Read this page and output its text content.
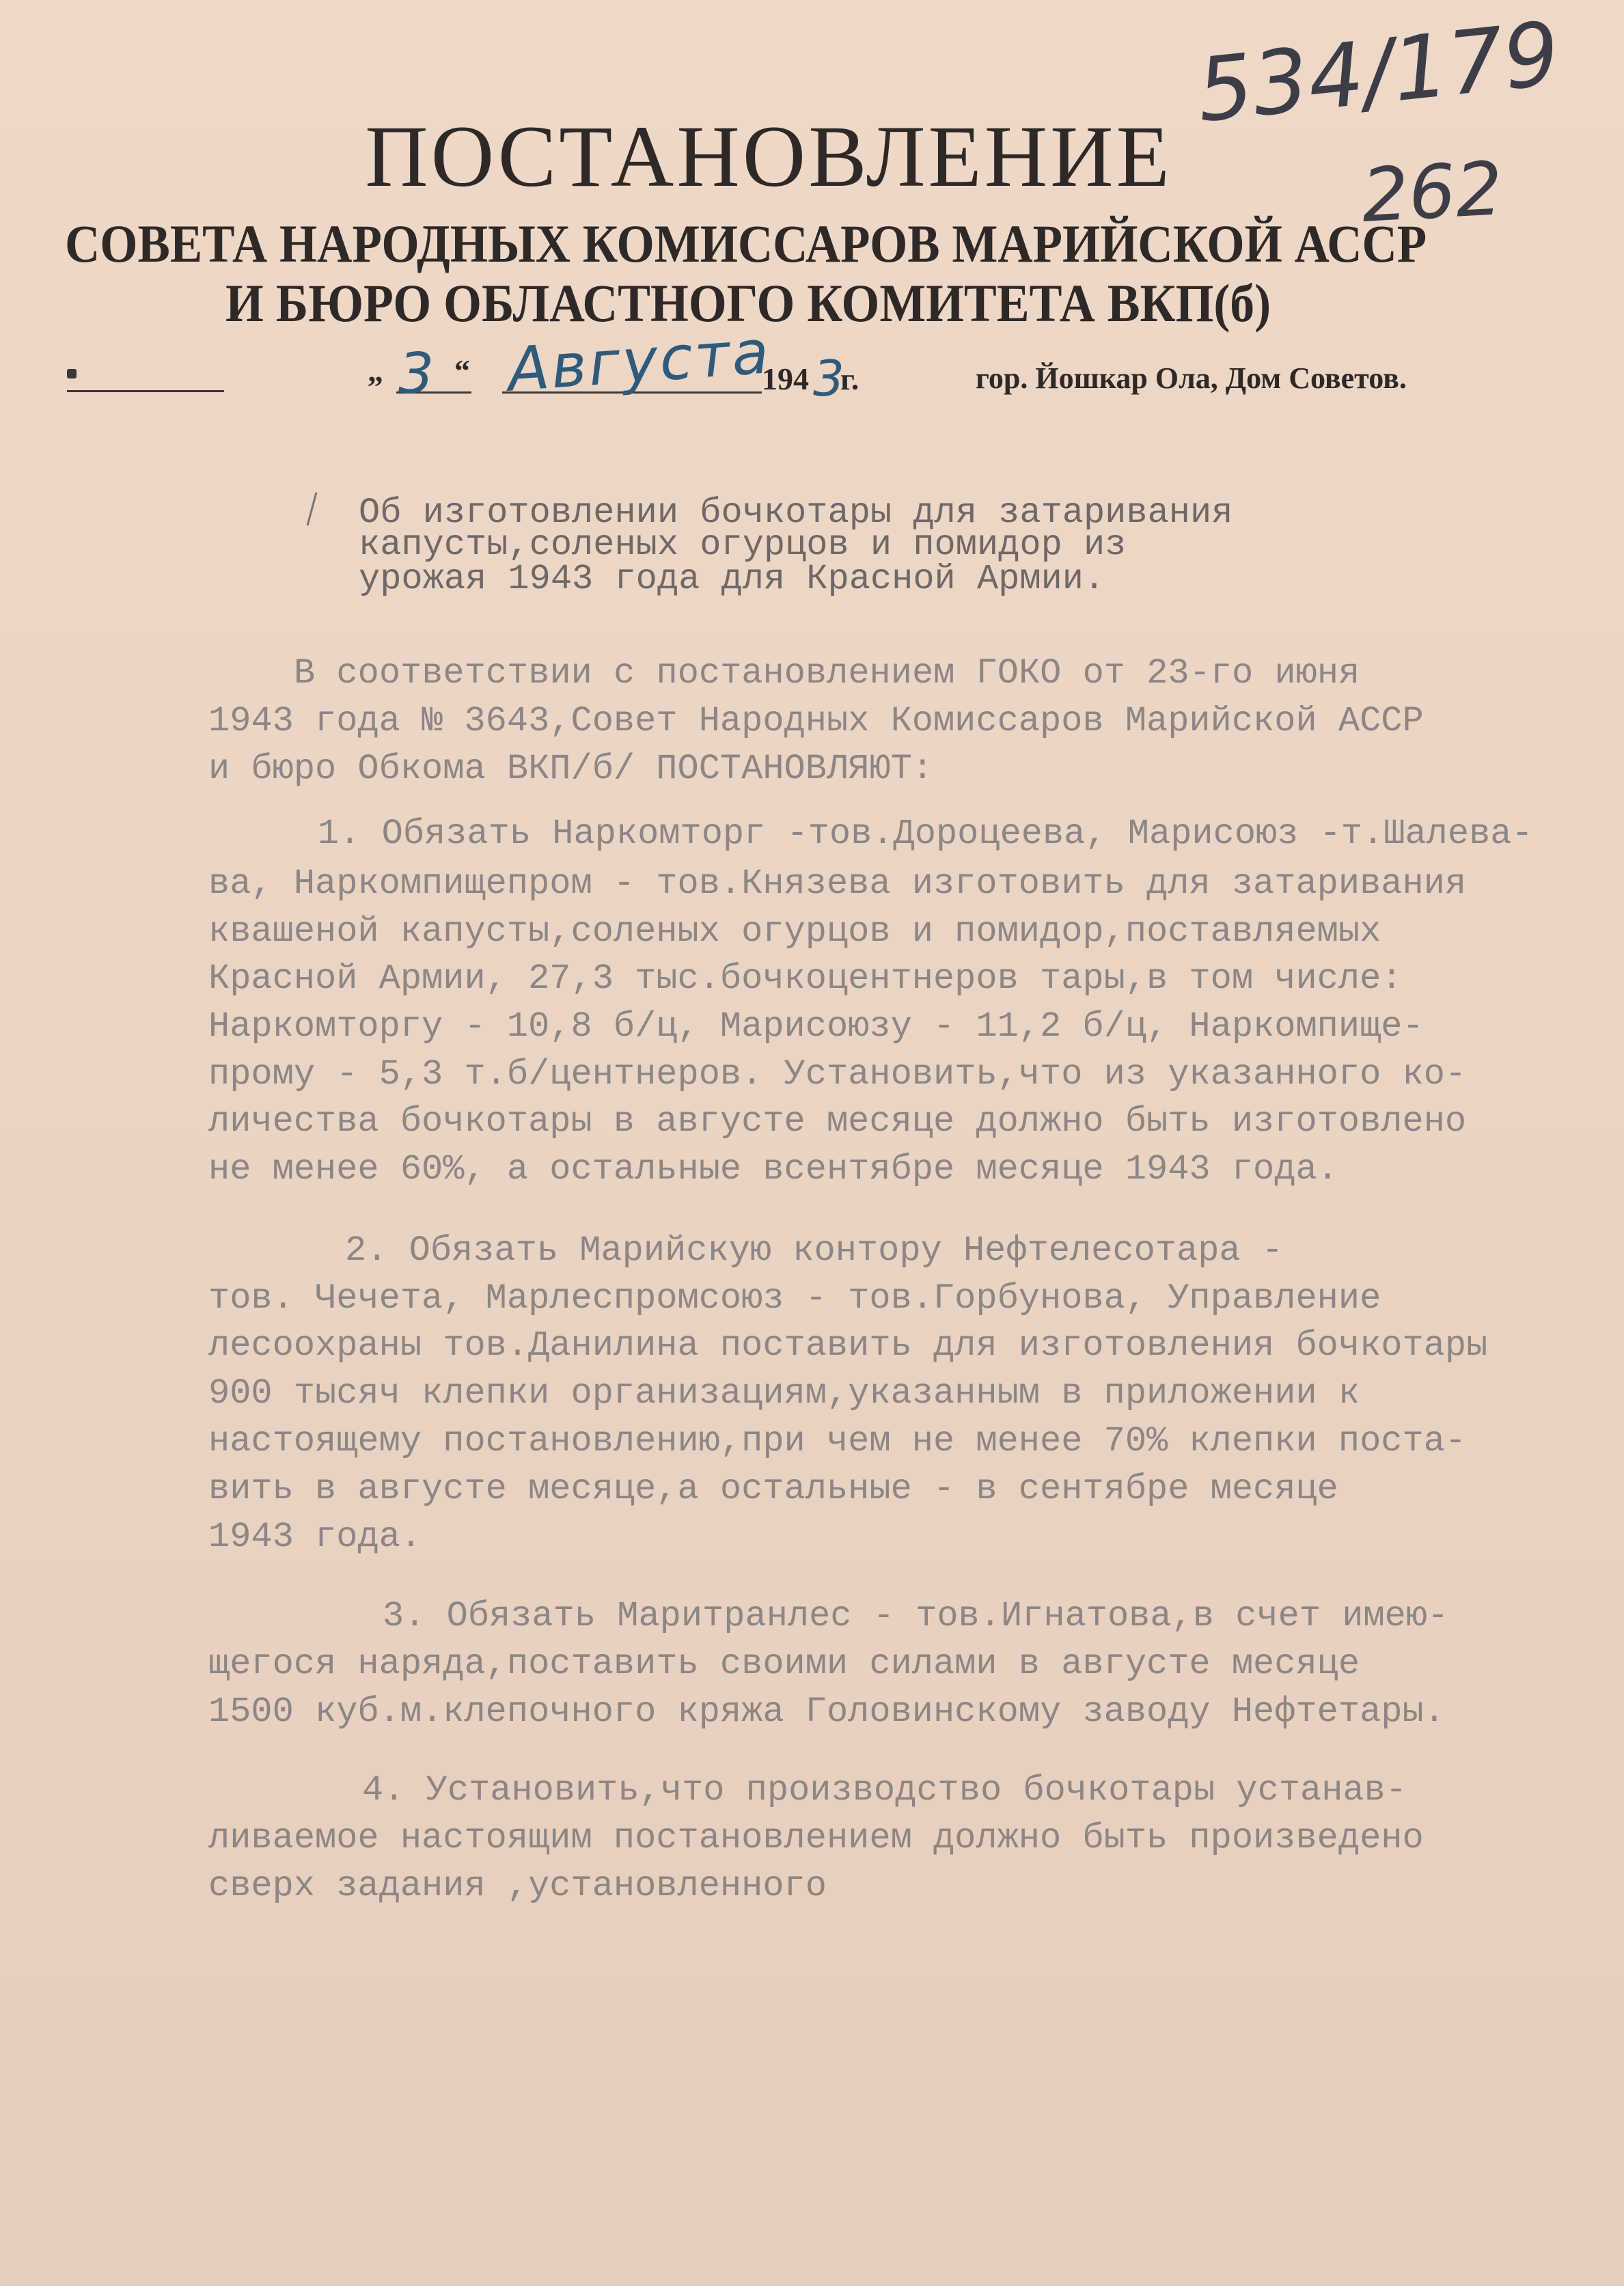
534/179
262
ПОСТАНОВЛЕНИЕ
СОВЕТА НАРОДНЫХ КОМИССАРОВ МАРИЙСКОЙ АССР
И БЮРО ОБЛАСТНОГО КОМИТЕТА ВКП(б)
„ 3 “ Августа
194 3
г.	гор. Йошкар Ола, Дом Советов.
Об изготовлении бочкотары для затаривания
капусты,соленых огурцов и помидор из
урожая 1943 года для Красной Армии.
В соответствии с постановлением ГОКО от 23-го июня
1943 года № 3643,Совет Народных Комиссаров Марийской АССР
и бюро Обкома ВКП/б/ ПОСТАНОВЛЯЮТ:
1. Обязать Наркомторг -тов.Дороцеева, Марисоюз -т.Шалева-
ва, Наркомпищепром - тов.Князева изготовить для затаривания
квашеной капусты,соленых огурцов и помидор,поставляемых
Красной Армии, 27,3 тыс.бочкоцентнеров тары,в том числе:
Наркомторгу - 10,8 б/ц, Марисоюзу - 11,2 б/ц, Наркомпище-
прому - 5,3 т.б/центнеров. Установить,что из указанного ко-
личества бочкотары в августе месяце должно быть изготовлено
не менее 60%, а остальные всентябре месяце 1943 года.
2. Обязать Марийскую контору Нефтелесотара -
тов. Чечета, Марлеспромсоюз - тов.Горбунова, Управление
лесоохраны тов.Данилина поставить для изготовления бочкотары
900 тысяч клепки организациям,указанным в приложении к
настоящему постановлению,при чем не менее 70% клепки поста-
вить в августе месяце,а остальные - в сентябре месяце
1943 года.
3. Обязать Маритранлес - тов.Игнатова,в счет имею-
щегося наряда,поставить своими силами в августе месяце
1500 куб.м.клепочного кряжа Головинскому заводу Нефтетары.
4. Установить,что производство бочкотары устанав-
ливаемое настоящим постановлением должно быть произведено
сверх задания ,установленного
